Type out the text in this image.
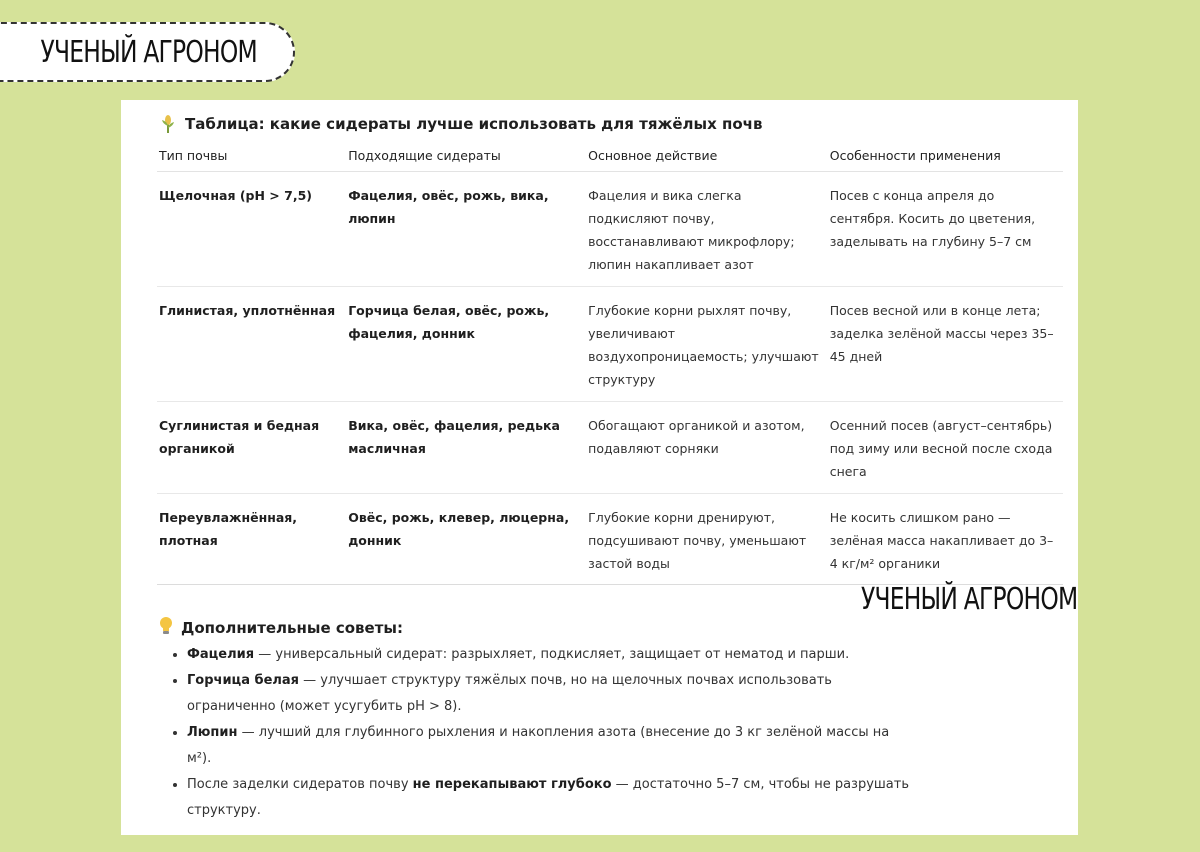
УЧЕНЫЙ АГРОНОМ
Таблица: какие сидераты лучше использовать для тяжёлых почв
Тип почвы	Подходящие сидераты	Основное действие	Особенности применения
Щелочная (pH > 7,5)	Фацелия, овёс, рожь, вика, люпин	Фацелия и вика слегка подкисляют почву, восстанавливают микрофлору; люпин накапливает азот	Посев с конца апреля до сентября. Косить до цветения, заделывать на глубину 5–7 см
Глинистая, уплотнённая	Горчица белая, овёс, рожь, фацелия, донник	Глубокие корни рыхлят почву, увеличивают воздухопроницаемость; улучшают структуру	Посев весной или в конце лета; заделка зелёной массы через 35–45 дней
Суглинистая и бедная органикой	Вика, овёс, фацелия, редька масличная	Обогащают органикой и азотом, подавляют сорняки	Осенний посев (август–сентябрь) под зиму или весной после схода снега
Переувлажнённая, плотная	Овёс, рожь, клевер, люцерна, донник	Глубокие корни дренируют, подсушивают почву, уменьшают застой воды	Не косить слишком рано — зелёная масса накапливает до 3–4 кг/м² органики
УЧЕНЫЙ АГРОНОМ
Дополнительные советы:
• Фацелия — универсальный сидерат: разрыхляет, подкисляет, защищает от нематод и парши.
• Горчица белая — улучшает структуру тяжёлых почв, но на щелочных почвах использовать ограниченно (может усугубить pH > 8).
• Люпин — лучший для глубинного рыхления и накопления азота (внесение до 3 кг зелёной массы на м²).
• После заделки сидератов почву не перекапывают глубоко — достаточно 5–7 см, чтобы не разрушать структуру.
